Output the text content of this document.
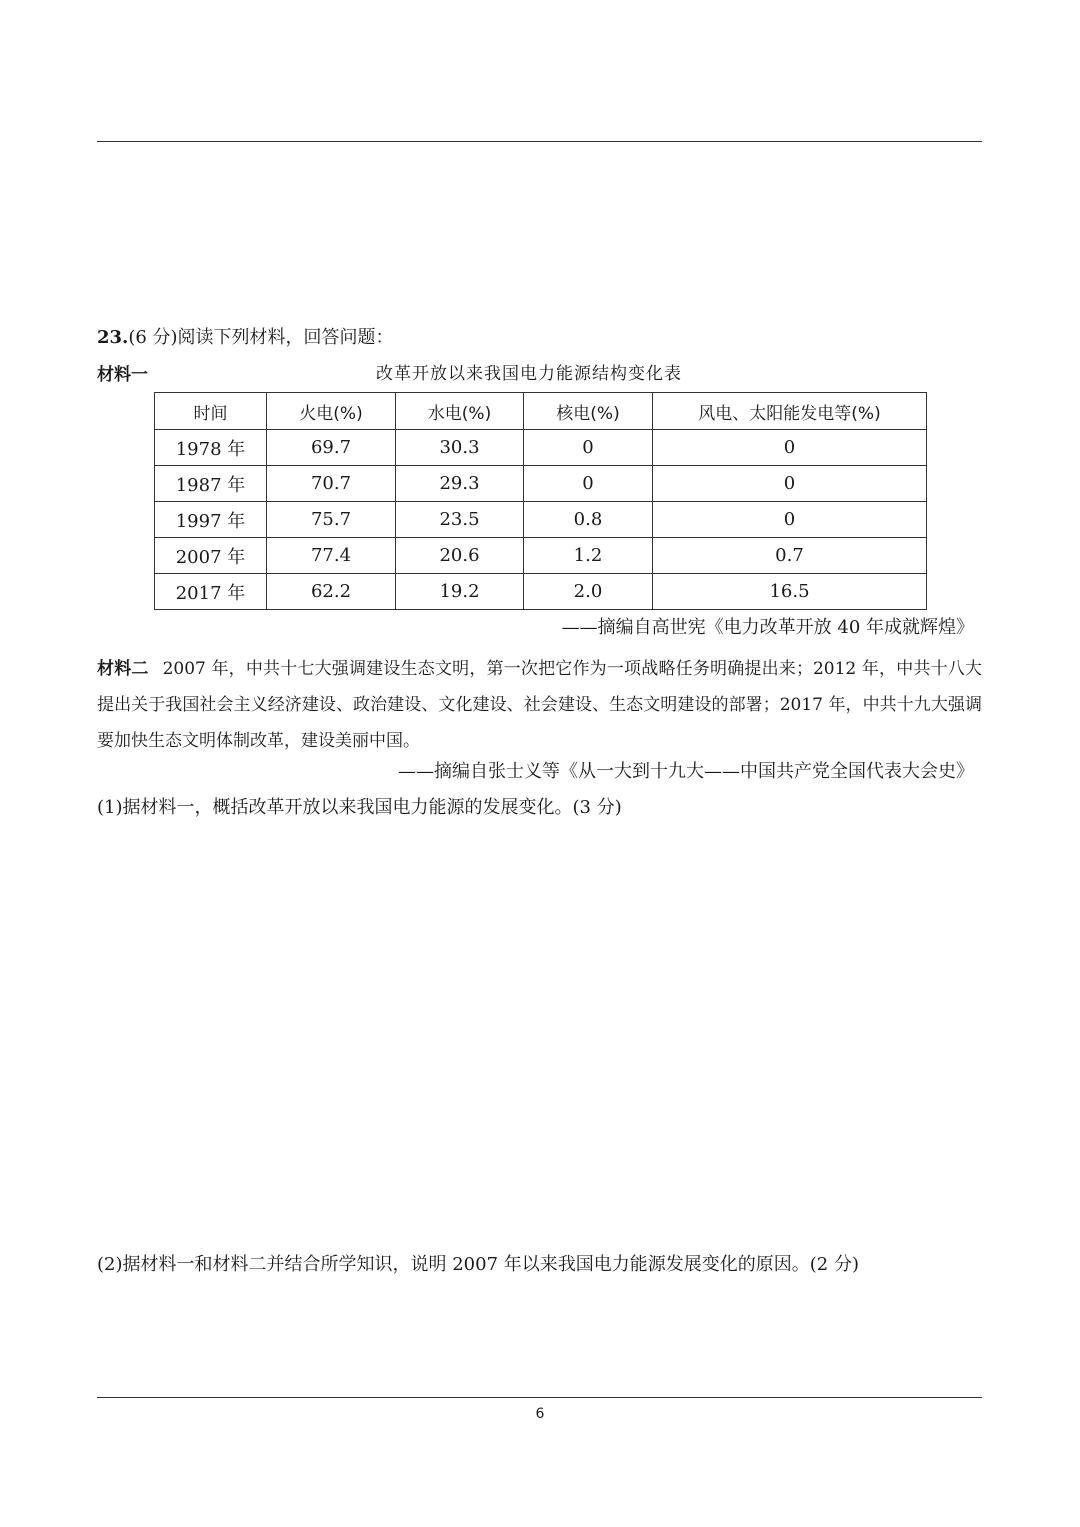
23.(6 分)阅读下列材料，回答问题：
材料一	改革开放以来我国电力能源结构变化表
时间	火电(%)	水电(%)	核电(%)	风电、太阳能发电等(%)
1978 年	69.7	30.3	0	0
1987 年	70.7	29.3	0	0
1997 年	75.7	23.5	0.8	0
2007 年	77.4	20.6	1.2	0.7
2017 年	62.2	19.2	2.0	16.5
——摘编自高世宪《电力改革开放 40 年成就辉煌》
材料二 2007 年，中共十七大强调建设生态文明，第一次把它作为一项战略任务明确提出来；2012 年，中共十八大提出关于我国社会主义经济建设、政治建设、文化建设、社会建设、生态文明建设的部署；2017 年，中共十九大强调要加快生态文明体制改革，建设美丽中国。
——摘编自张士义等《从一大到十九大——中国共产党全国代表大会史》
(1)据材料一，概括改革开放以来我国电力能源的发展变化。(3 分)
(2)据材料一和材料二并结合所学知识，说明 2007 年以来我国电力能源发展变化的原因。(2 分)
6
